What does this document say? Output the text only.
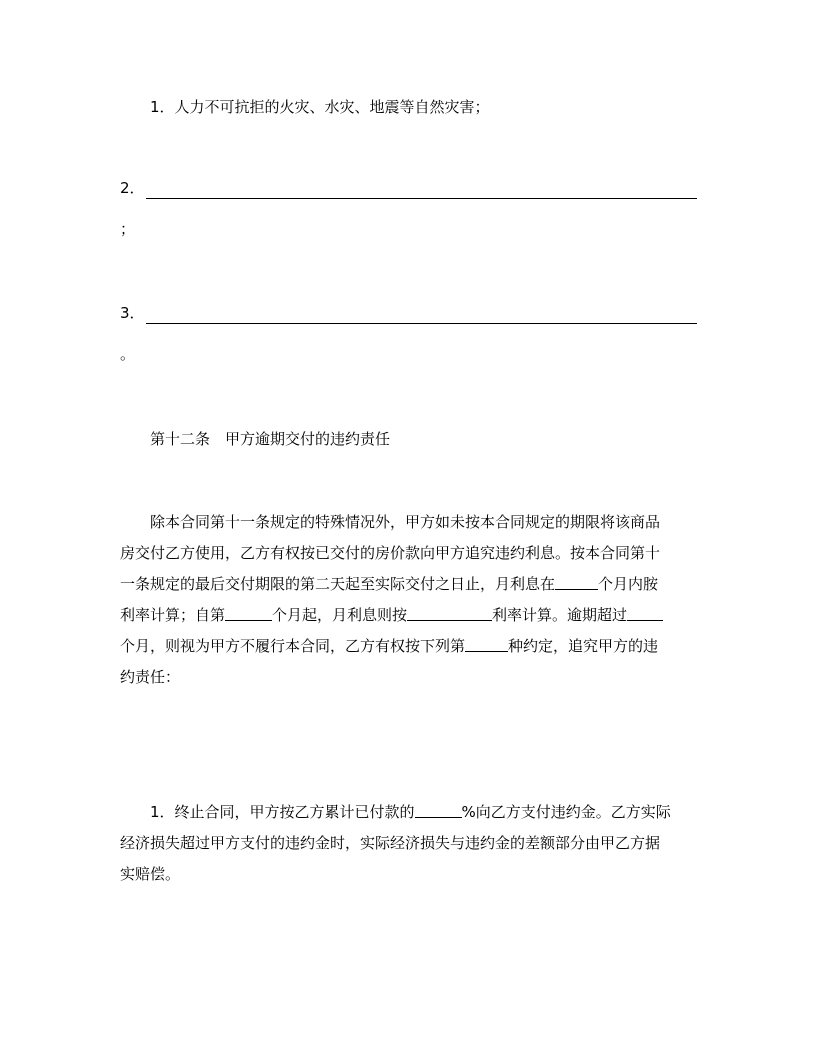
1．人力不可抗拒的火灾、水灾、地震等自然灾害；
2．
；
3．
。
第十二条　甲方逾期交付的违约责任
除本合同第十一条规定的特殊情况外，甲方如未按本合同规定的期限将该商品
房交付乙方使用，乙方有权按已交付的房价款向甲方追究违约利息。按本合同第十
一条规定的最后交付期限的第二天起至实际交付之日止，月利息在	个月内胺
利率计算；自第	个月起，月利息则按	利率计算。逾期超过
个月，则视为甲方不履行本合同，乙方有权按下列第	种约定，追究甲方的违
约责任：
1．终止合同，甲方按乙方累计已付款的	%向乙方支付违约金。乙方实际
经济损失超过甲方支付的违约金时，实际经济损失与违约金的差额部分由甲乙方据
实赔偿。
